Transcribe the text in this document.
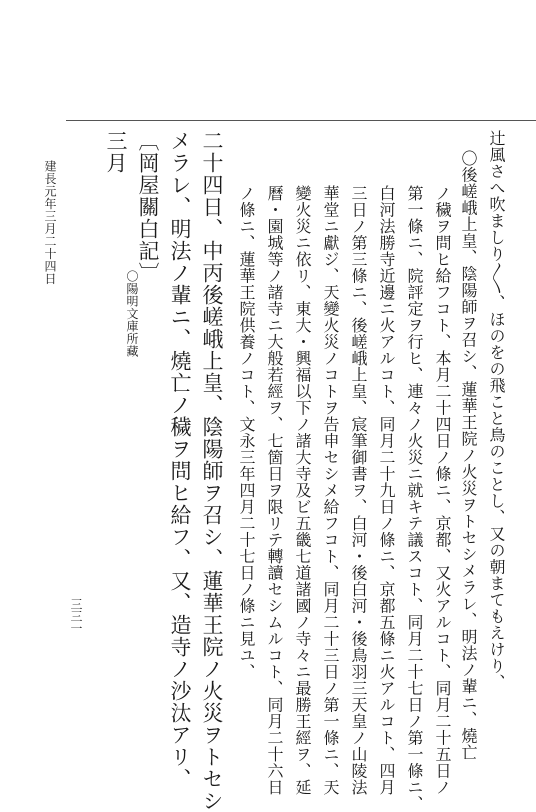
辻風さへ吹ましり〳〵、ほのをの飛こと鳥のことし、又の朝まてもえけり、
〇後嵯峨上皇、陰陽師ヲ召シ、蓮華王院ノ火災ヲトセシメラレ、明法ノ輩ニ、燒亡
ノ穢ヲ問ヒ給フコト、本月二十四日ノ條ニ、京都、又火アルコト、同月二十五日ノ
第一條ニ、院評定ヲ行ヒ、連々ノ火災ニ就キテ議スコト、同月二十七日ノ第一條ニ、
白河法勝寺近邊ニ火アルコト、同月二十九日ノ條ニ、京都五條ニ火アルコト、四月
三日ノ第三條ニ、後嵯峨上皇、宸筆御書ヲ、白河・後白河・後鳥羽三天皇ノ山陵法
華堂ニ獻ジ、天變火災ノコトヲ告申セシメ給フコト、同月二十三日ノ第一條ニ、天
變火災ニ依リ、東大・興福以下ノ諸大寺及ビ五畿七道諸國ノ寺々ニ最勝王經ヲ、延
曆・園城等ノ諸寺ニ大般若經ヲ、七箇日ヲ限リテ轉讀セシムルコト、同月二十六日
ノ條ニ、蓮華王院供養ノコト、文永三年四月二十七日ノ條ニ見ユ、
二十四日、中丙後嵯峨上皇、陰陽師ヲ召シ、蓮華王院ノ火災ヲトセシ
メラレ、明法ノ輩ニ、燒亡ノ穢ヲ問ヒ給フ、又、造寺ノ沙汰アリ、
〔岡屋關白記〕
〇陽明文庫所藏
三月
建長元年三月二十四日
三三一
